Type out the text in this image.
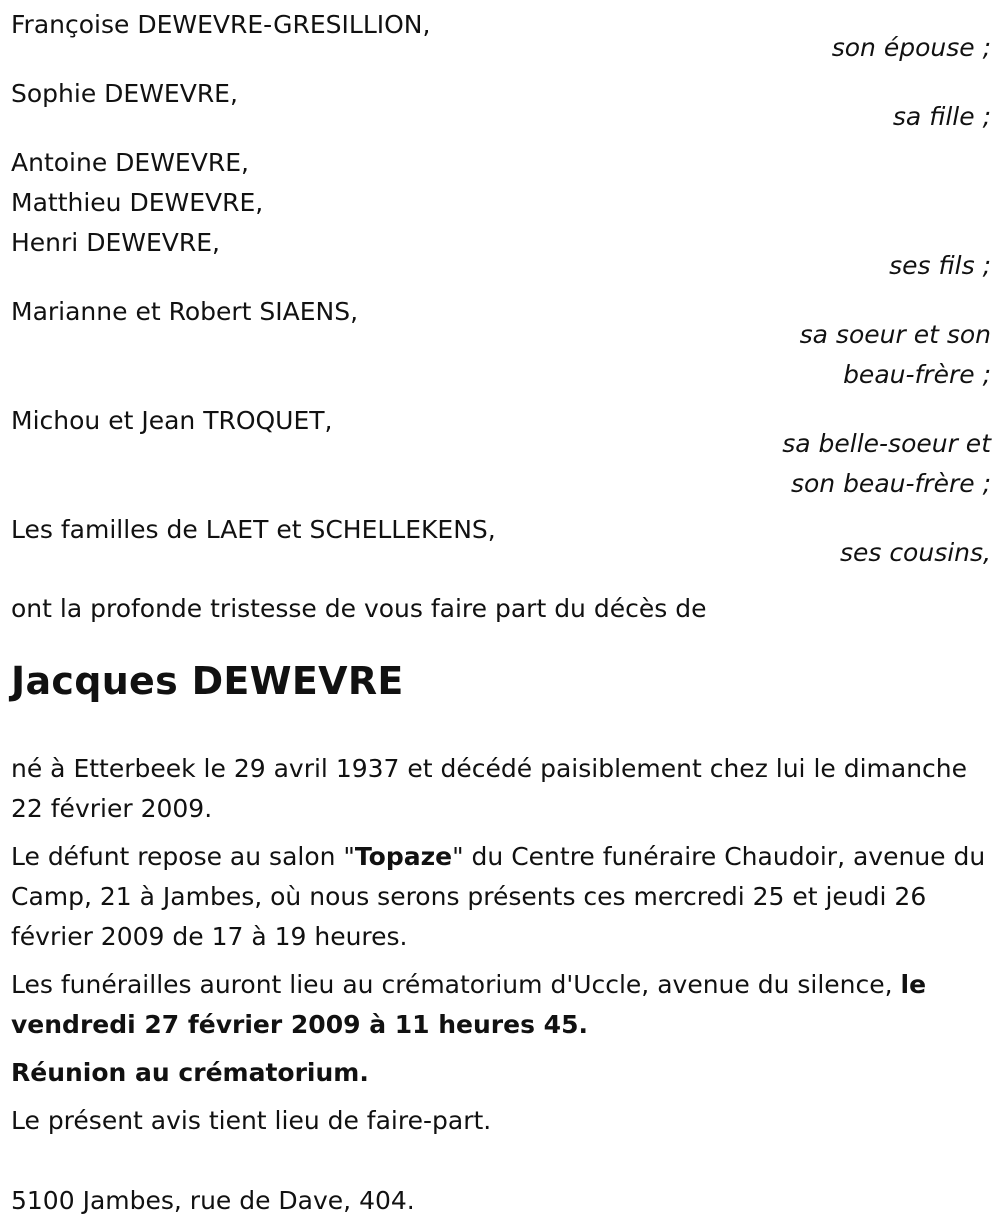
Françoise DEWEVRE-GRESILLION,
son épouse ;
Sophie DEWEVRE,
sa fille ;
Antoine DEWEVRE,
Matthieu DEWEVRE,
Henri DEWEVRE,
ses fils ;
Marianne et Robert SIAENS,
sa soeur et son
beau-frère ;
Michou et Jean TROQUET,
sa belle-soeur et
son beau-frère ;
Les familles de LAET et SCHELLEKENS,
ses cousins,
ont la profonde tristesse de vous faire part du décès de
Jacques DEWEVRE

né à Etterbeek le 29 avril 1937 et décédé paisiblement chez lui le dimanche 22 février 2009.

Le défunt repose au salon "Topaze" du Centre funéraire Chaudoir, avenue du Camp, 21 à Jambes, où nous serons présents ces mercredi 25 et jeudi 26 février 2009 de 17 à 19 heures.

Les funérailles auront lieu au crématorium d'Uccle, avenue du silence, le vendredi 27 février 2009 à 11 heures 45.

Réunion au crématorium.

Le présent avis tient lieu de faire-part.

5100 Jambes, rue de Dave, 404.
